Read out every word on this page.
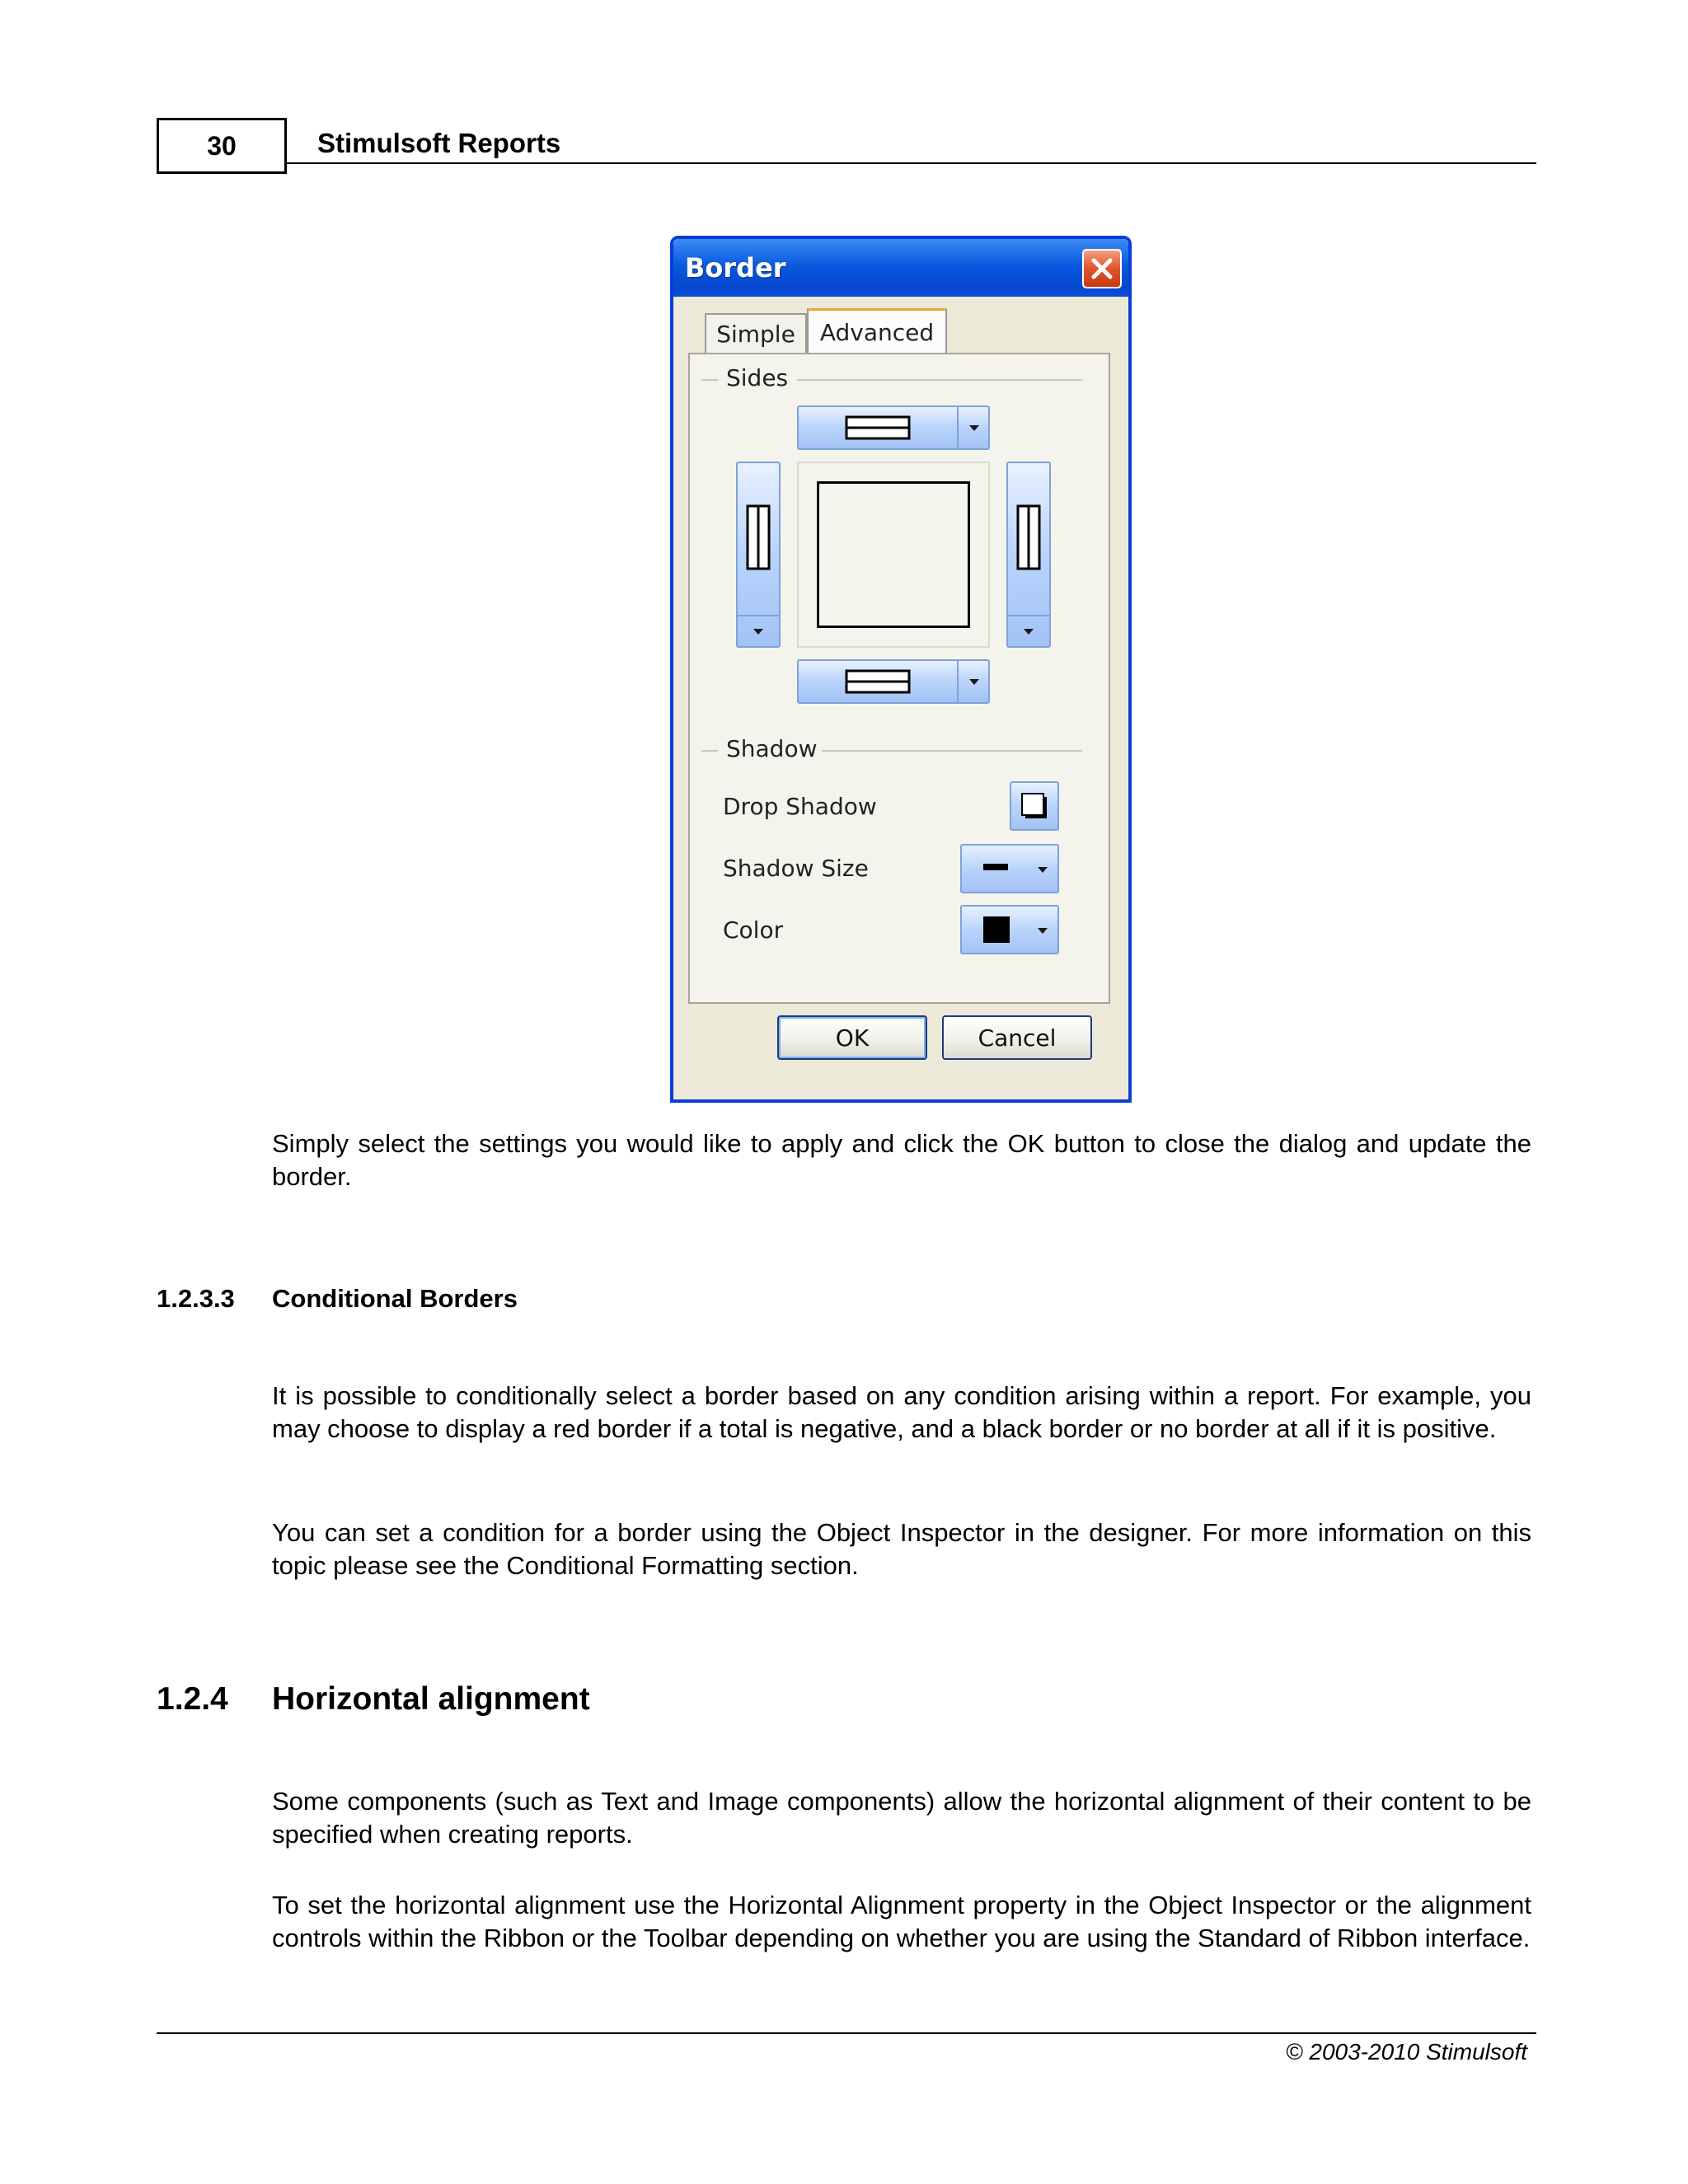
30	Stimulsoft Reports
Border
Simple	Advanced
Sides
Shadow
Drop Shadow
Shadow Size
Color
OK	Cancel
Simply select the settings you would like to apply and click the OK button to close the dialog and update the border.
1.2.3.3 Conditional Borders
It is possible to conditionally select a border based on any condition arising within a report. For example, you may choose to display a red border if a total is negative, and a black border or no border at all if it is positive.
You can set a condition for a border using the Object Inspector in the designer. For more information on this topic please see the Conditional Formatting section.
1.2.4 Horizontal alignment
Some components (such as Text and Image components) allow the horizontal alignment of their content to be specified when creating reports.
To set the horizontal alignment use the Horizontal Alignment property in the Object Inspector or the alignment controls within the Ribbon or the Toolbar depending on whether you are using the Standard of Ribbon interface.
© 2003-2010 Stimulsoft
